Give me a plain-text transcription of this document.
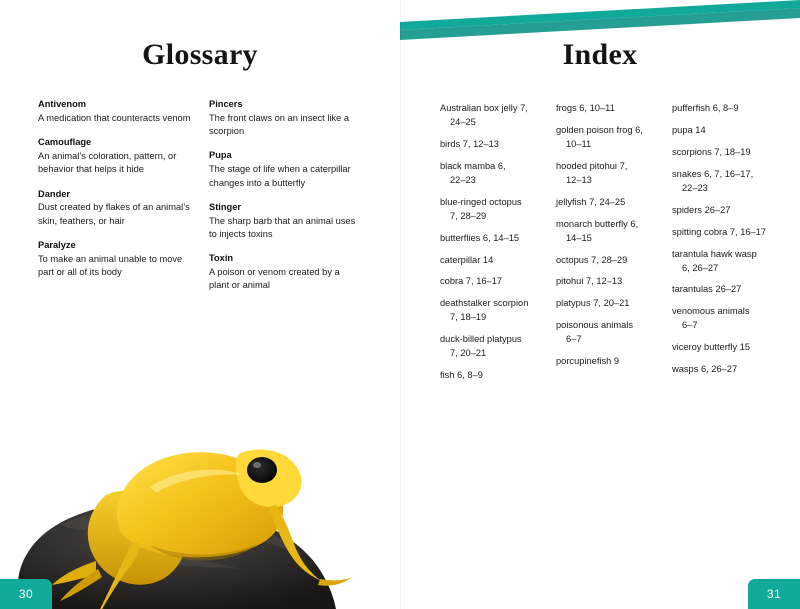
Glossary
Antivenom
A medication that counteracts venom
Camouflage
An animal’s coloration, pattern, or behavior that helps it hide
Dander
Dust created by flakes of an animal’s skin, feathers, or hair
Paralyze
To make an animal unable to move part or all of its body
Pincers
The front claws on an insect like a scorpion
Pupa
The stage of life when a caterpillar changes into a butterfly
Stinger
The sharp barb that an animal uses to injects toxins
Toxin
A poison or venom created by a plant or animal
30
Index
Australian box jelly 7,
24–25
birds 7, 12–13
black mamba 6,
22–23
blue-ringed octopus
7, 28–29
butterflies 6, 14–15
caterpillar 14
cobra 7, 16–17
deathstalker scorpion
7, 18–19
duck-billed platypus
7, 20–21
fish 6, 8–9
frogs 6, 10–11
golden poison frog 6,
10–11
hooded pitohui 7,
12–13
jellyfish 7, 24–25
monarch butterfly 6,
14–15
octopus 7, 28–29
pitohui 7, 12–13
platypus 7, 20–21
poisonous animals
6–7
porcupinefish 9
pufferfish 6, 8–9
pupa 14
scorpions 7, 18–19
snakes 6, 7, 16–17,
22–23
spiders 26–27
spitting cobra 7, 16–17
tarantula hawk wasp
6, 26–27
tarantulas 26–27
venomous animals
6–7
viceroy butterfly 15
wasps 6, 26–27
31
